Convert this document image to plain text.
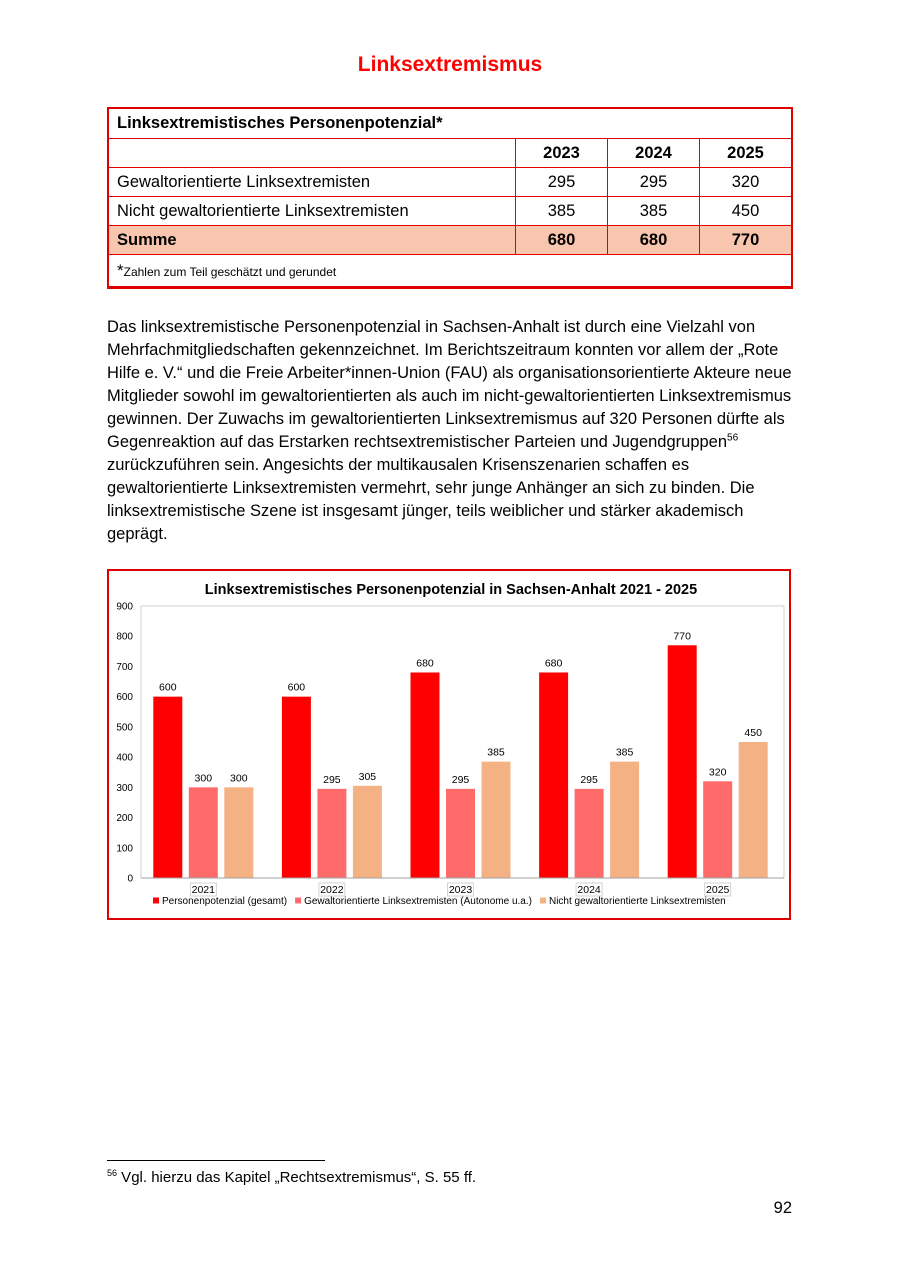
Linksextremismus
Linksextremistisches Personenpotenzial*			
	2023	2024	2025
Gewaltorientierte Linksextremisten	295	295	320
Nicht gewaltorientierte Linksextremisten	385	385	450
Summe	680	680	770
*Zahlen zum Teil geschätzt und gerundet			

Das linksextremistische Personenpotenzial in Sachsen-Anhalt ist durch eine Vielzahl von Mehrfachmitgliedschaften gekennzeichnet. Im Berichtszeitraum konnten vor allem der „Rote Hilfe e. V.“ und die Freie Arbeiter*innen-Union (FAU) als organisationsorientierte Akteure neue Mitglieder sowohl im gewaltorientierten als auch im nicht-gewaltorientierten Linksextremismus gewinnen. Der Zuwachs im gewaltorientierten Linksextremismus auf 320 Personen dürfte als Gegenreaktion auf das Erstarken rechtsextremistischer Parteien und Jugendgruppen$^{56}$ zurückzuführen sein. Angesichts der multikausalen Krisenszenarien schaffen es gewaltorientierte Linksextremisten vermehrt, sehr junge Anhänger an sich zu binden. Die linksextremistische Szene ist insgesamt jünger, teils weiblicher und stärker akademisch geprägt.

Linksextremistisches Personenpotenzial in Sachsen-Anhalt 2021 - 2025
0
100
200
300
400
500
600
700
800
900
600
300 300
600
295 305
680
295
385
680
295
385
770
320
450
2021	2022	2023	2024	2025
Personenpotenzial (gesamt) Gewaltorientierte Linksextremisten (Autonome u.a.) Nicht gewaltorientierte Linksextremisten

$^{56}$ Vgl. hierzu das Kapitel „Rechtsextremismus“, S. 55 ff.

92
